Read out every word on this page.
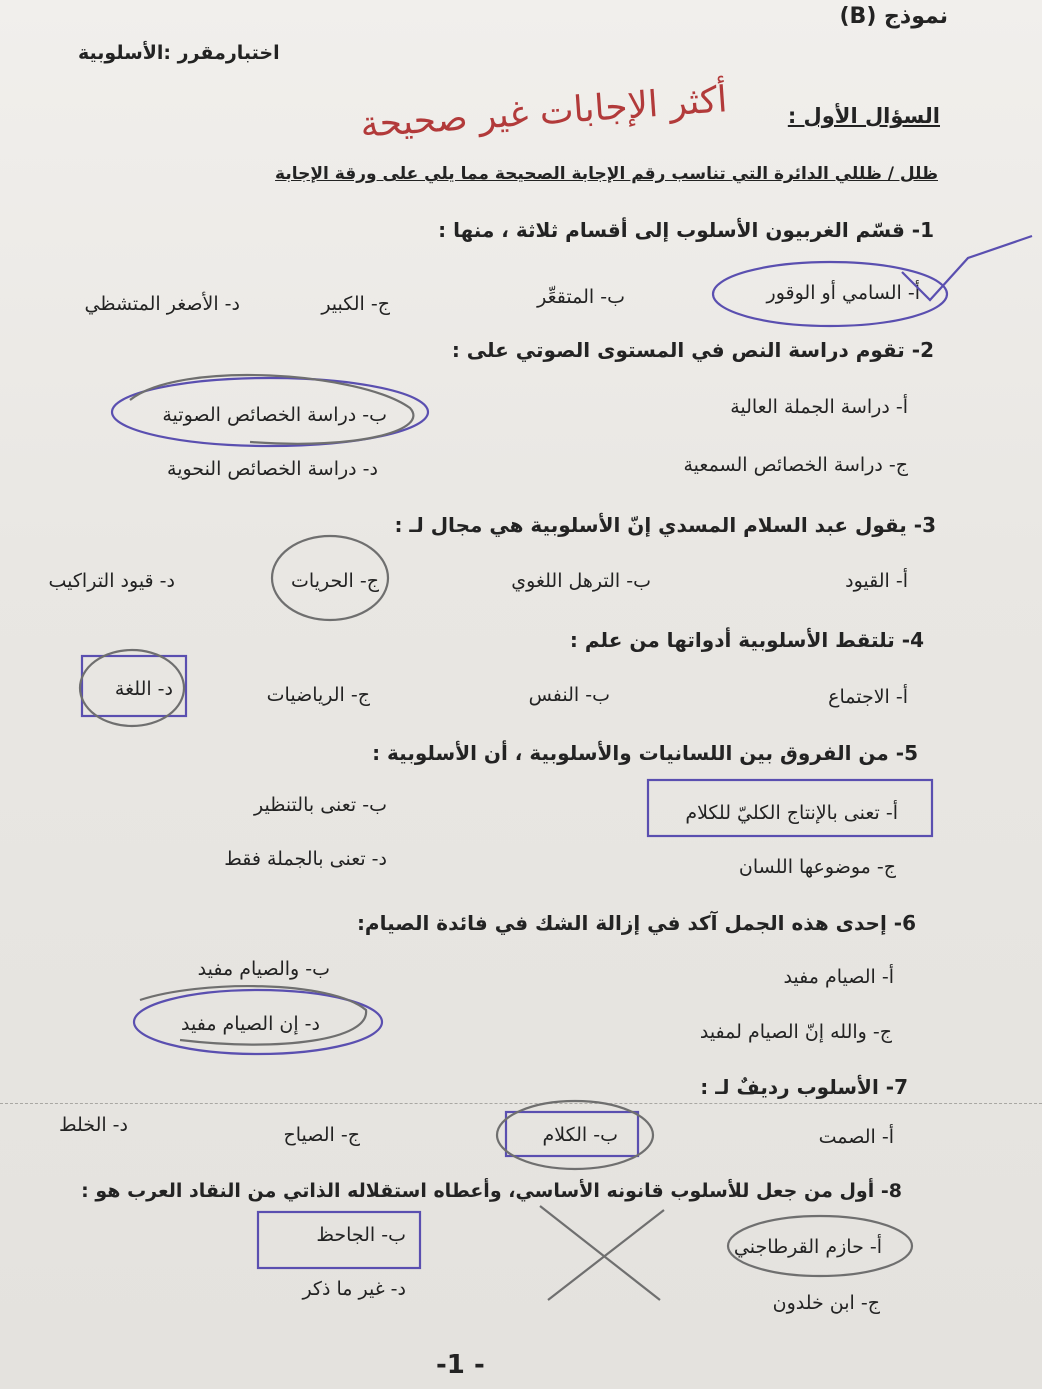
نموذج (B)
اختبارمقرر :الأسلوبية
أكثر الإجابات غير صحيحة	السؤال الأول :
ظلل / ظللي الدائرة التي تناسب رقم الإجابة الصحيحة مما يلي على ورقة الإجابة
1- قسّم الغربيون الأسلوب إلى أقسام ثلاثة ، منها :
أ- السامي أو الوقور
ب- المتقعِّر
ج- الكبير
د- الأصغر المتشظي
2- تقوم دراسة النص في المستوى الصوتي على :
أ- دراسة الجملة العالية
ب- دراسة الخصائص الصوتية
ج- دراسة الخصائص السمعية
د- دراسة الخصائص النحوية
3- يقول عبد السلام المسدي إنّ الأسلوبية هي مجال لـ :
أ- القيود
ب- الترهل اللغوي
ج- الحريات
د- قيود التراكيب
4- تلتقط الأسلوبية أدواتها من علم :
أ- الاجتماع
ب- النفس
ج- الرياضيات
د- اللغة
5- من الفروق بين اللسانيات والأسلوبية ، أن الأسلوبية :
أ- تعنى بالإنتاج الكليّ للكلام
ب- تعنى بالتنظير
ج- موضوعها اللسان
د- تعنى بالجملة فقط
6- إحدى هذه الجمل آكد في إزالة الشك في فائدة الصيام:
أ- الصيام مفيد
ب- والصيام مفيد
ج- والله إنّ الصيام لمفيد
د- إن الصيام مفيد
7- الأسلوب رديفٌ لـ :
أ- الصمت
ب- الكلام
ج- الصياح
د- الخلط
8- أول من جعل للأسلوب قانونه الأساسي، وأعطاه استقلاله الذاتي من النقاد العرب هو :
أ- حازم القرطاجني
ب- الجاحظ
ج- ابن خلدون
د- غير ما ذكر
- 1-
